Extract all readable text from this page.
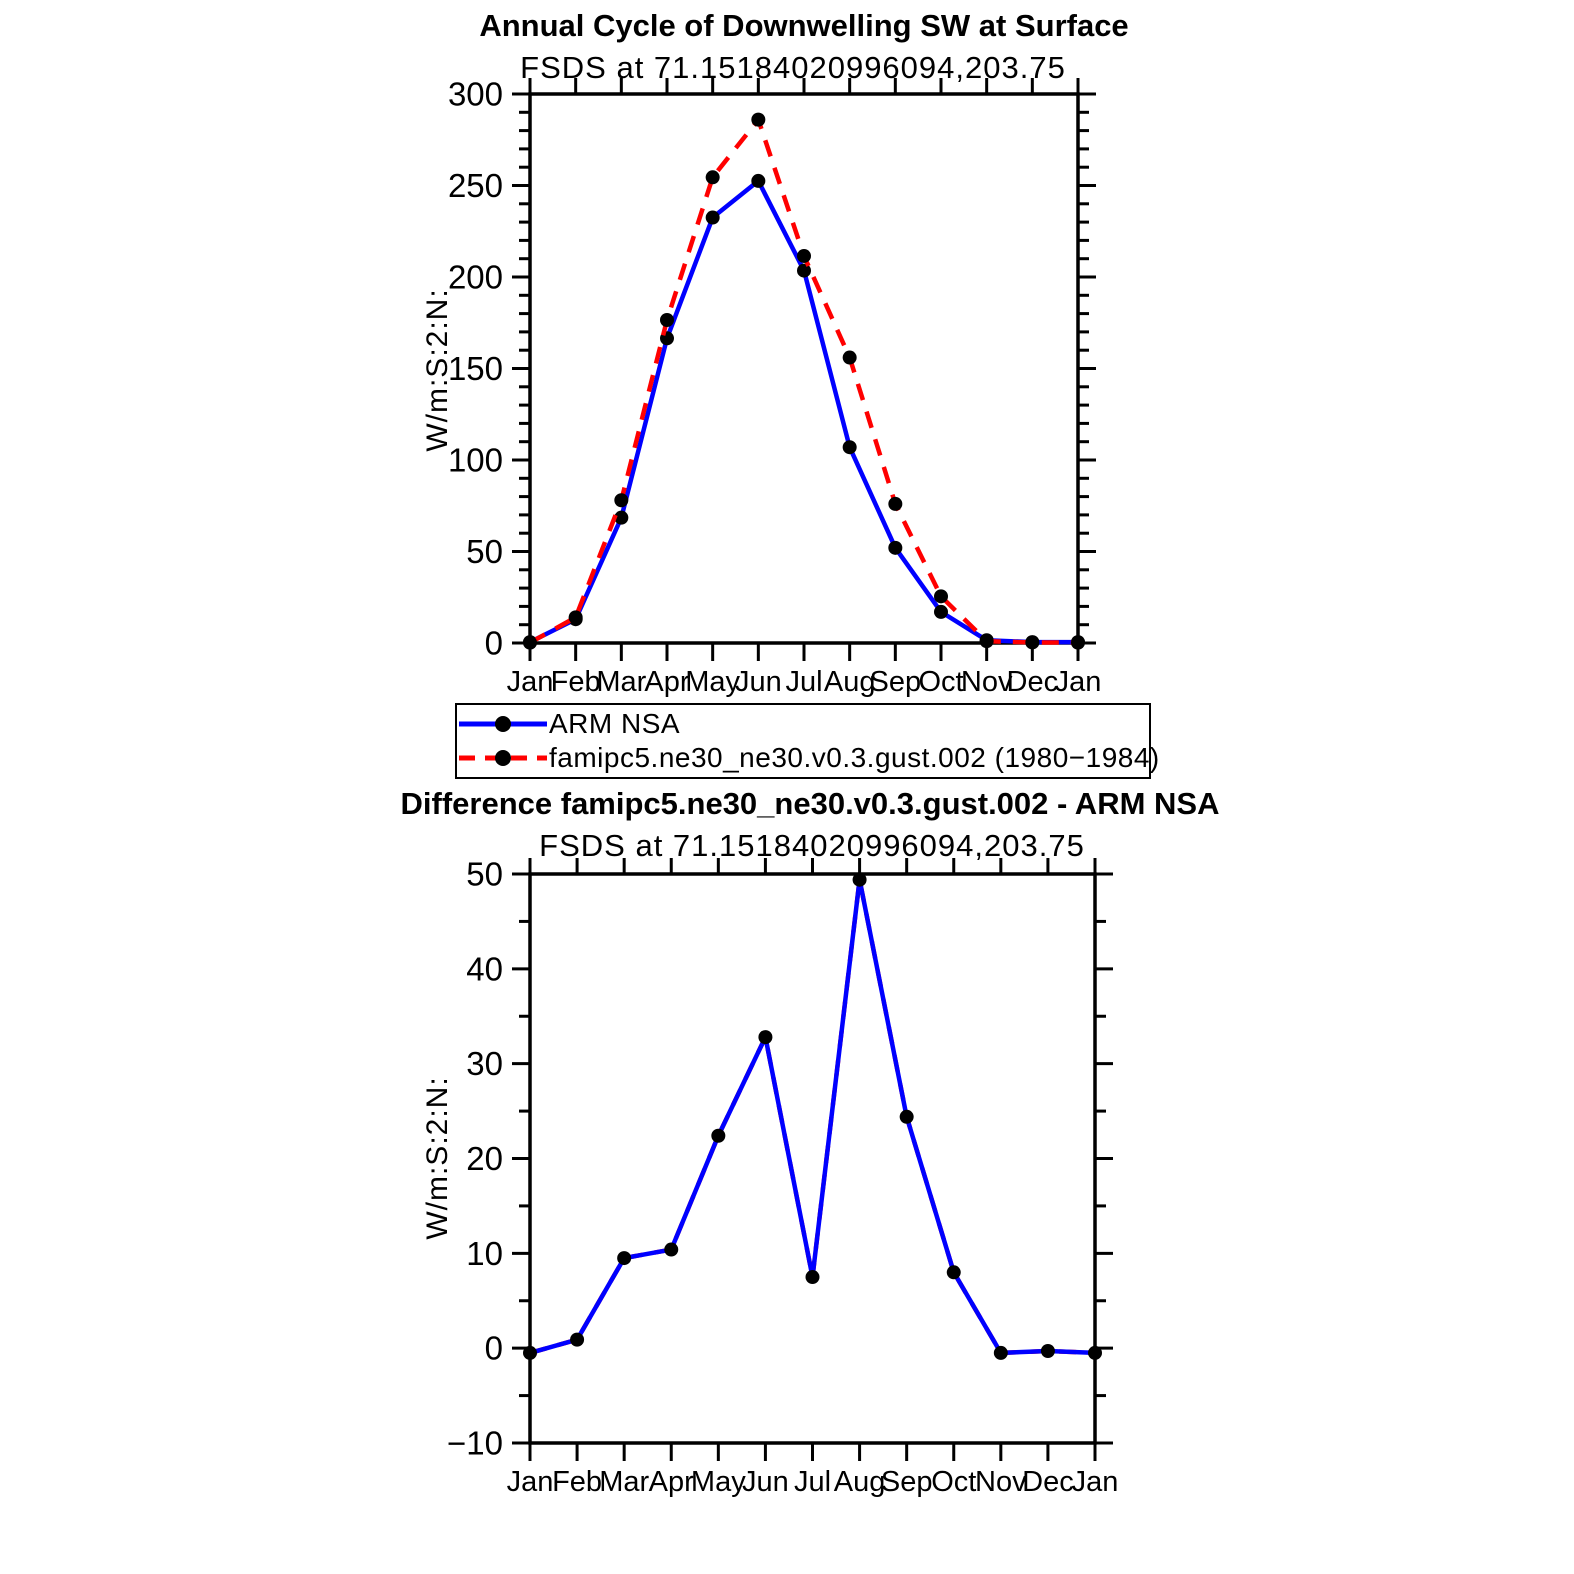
Annual Cycle of Downwelling SW at Surface
FSDS at 71.15184020996094,203.75
W/m:S:2:N:
0
50
100
150
200
250
300
Jan
Feb
Mar
Apr
May
Jun Jul Aug
Sep
Oct
Nov
Dec
Jan
−10
0
10
20
30
40
50
Jan
Feb
Mar Apr
May
Jun Jul Aug
Sep
Oct
Nov
Dec
Jan
ARM NSA
famipc5.ne30_ne30.v0.3.gust.002 (1980−1984)
Difference famipc5.ne30_ne30.v0.3.gust.002 - ARM NSA
FSDS at 71.15184020996094,203.75
W/m:S:2:N:
